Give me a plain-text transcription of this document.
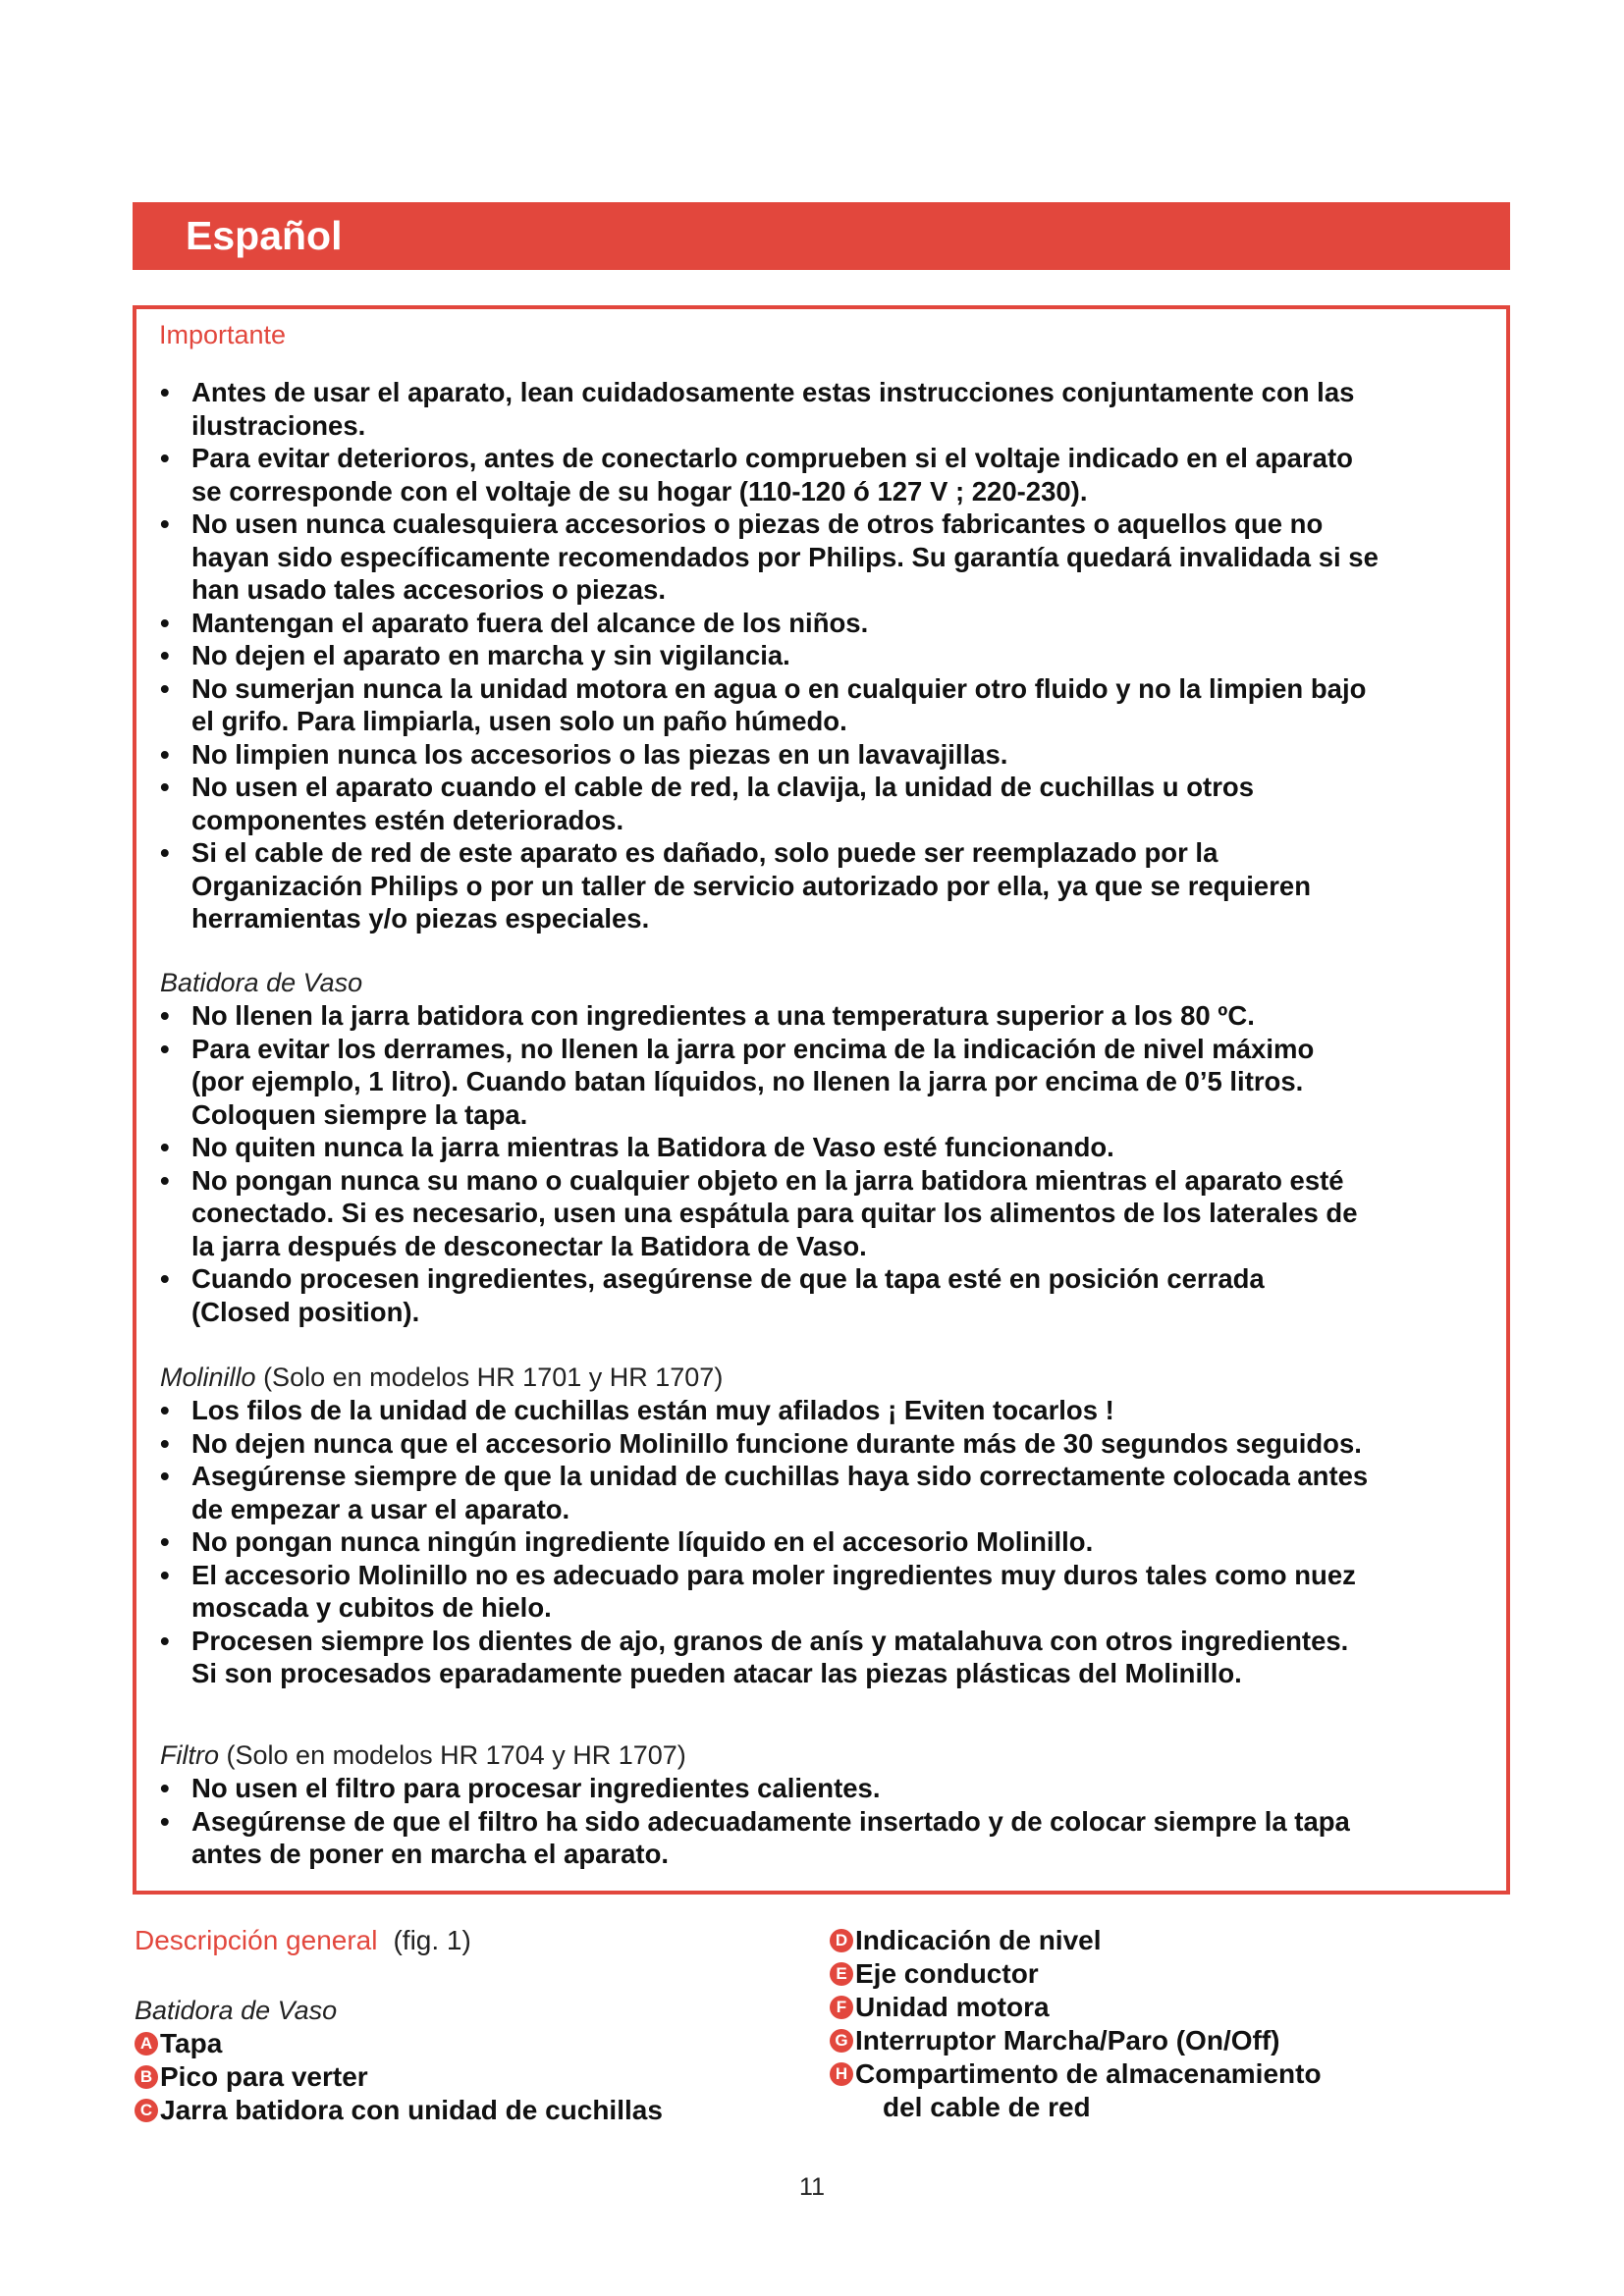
Español
Importante
• Antes de usar el aparato, lean cuidadosamente estas instrucciones conjuntamente con las
ilustraciones.
• Para evitar deterioros, antes de conectarlo comprueben si el voltaje indicado en el aparato
se corresponde con el voltaje de su hogar (110-120 ó 127 V ; 220-230).
• No usen nunca cualesquiera accesorios o piezas de otros fabricantes o aquellos que no
hayan sido específicamente recomendados por Philips. Su garantía quedará invalidada si se
han usado tales accesorios o piezas.
• Mantengan el aparato fuera del alcance de los niños.
• No dejen el aparato en marcha y sin vigilancia.
• No sumerjan nunca la unidad motora en agua o en cualquier otro fluido y no la limpien bajo
el grifo. Para limpiarla, usen solo un paño húmedo.
• No limpien nunca los accesorios o las piezas en un lavavajillas.
• No usen el aparato cuando el cable de red, la clavija, la unidad de cuchillas u otros
componentes estén deteriorados.
• Si el cable de red de este aparato es dañado, solo puede ser reemplazado por la
Organización Philips o por un taller de servicio autorizado por ella, ya que se requieren
herramientas y/o piezas especiales.
Batidora de Vaso
• No llenen la jarra batidora con ingredientes a una temperatura superior a los 80 ºC.
• Para evitar los derrames, no llenen la jarra por encima de la indicación de nivel máximo
(por ejemplo, 1 litro). Cuando batan líquidos, no llenen la jarra por encima de 0’5 litros.
Coloquen siempre la tapa.
• No quiten nunca la jarra mientras la Batidora de Vaso esté funcionando.
• No pongan nunca su mano o cualquier objeto en la jarra batidora mientras el aparato esté
conectado. Si es necesario, usen una espátula para quitar los alimentos de los laterales de
la jarra después de desconectar la Batidora de Vaso.
• Cuando procesen ingredientes, asegúrense de que la tapa esté en posición cerrada
(Closed position).
Molinillo (Solo en modelos HR 1701 y HR 1707)
• Los filos de la unidad de cuchillas están muy afilados ¡ Eviten tocarlos !
• No dejen nunca que el accesorio Molinillo funcione durante más de 30 segundos seguidos.
• Asegúrense siempre de que la unidad de cuchillas haya sido correctamente colocada antes
de empezar a usar el aparato.
• No pongan nunca ningún ingrediente líquido en el accesorio Molinillo.
• El accesorio Molinillo no es adecuado para moler ingredientes muy duros tales como nuez
moscada y cubitos de hielo.
• Procesen siempre los dientes de ajo, granos de anís y matalahuva con otros ingredientes.
Si son procesados eparadamente pueden atacar las piezas plásticas del Molinillo.
Filtro (Solo en modelos HR 1704 y HR 1707)
• No usen el filtro para procesar ingredientes calientes.
• Asegúrense de que el filtro ha sido adecuadamente insertado y de colocar siempre la tapa
antes de poner en marcha el aparato.
Descripción general (fig. 1)
Batidora de Vaso
A Tapa
B Pico para verter
C Jarra batidora con unidad de cuchillas
D Indicación de nivel
E Eje conductor
F Unidad motora
G Interruptor Marcha/Paro (On/Off)
H Compartimento de almacenamiento
del cable de red
11
